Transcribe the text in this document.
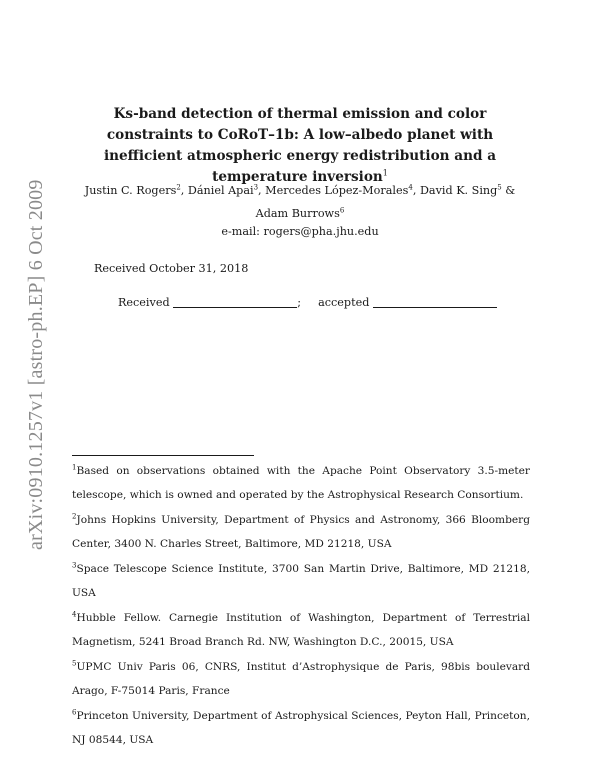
arXiv:0910.1257v1 [astro-ph.EP] 6 Oct 2009
Ks-band detection of thermal emission and color constraints to CoRoT–1b: A low–albedo planet with inefficient atmospheric energy redistribution and a temperature inversion$^1$
Justin C. Rogers$^2$, Dániel Apai$^3$, Mercedes López-Morales$^4$, David K. Sing$^5$ & Adam Burrows$^6$
e-mail: rogers@pha.jhu.edu
Received October 31, 2018
Received	; accepted
$^1$Based on observations obtained with the Apache Point Observatory 3.5-meter telescope, which is owned and operated by the Astrophysical Research Consortium.
$^2$Johns Hopkins University, Department of Physics and Astronomy, 366 Bloomberg Center, 3400 N. Charles Street, Baltimore, MD 21218, USA
$^3$Space Telescope Science Institute, 3700 San Martin Drive, Baltimore, MD 21218, USA
$^4$Hubble Fellow. Carnegie Institution of Washington, Department of Terrestrial Magnetism, 5241 Broad Branch Rd. NW, Washington D.C., 20015, USA
$^5$UPMC Univ Paris 06, CNRS, Institut d’Astrophysique de Paris, 98bis boulevard Arago, F-75014 Paris, France
$^6$Princeton University, Department of Astrophysical Sciences, Peyton Hall, Princeton, NJ 08544, USA
